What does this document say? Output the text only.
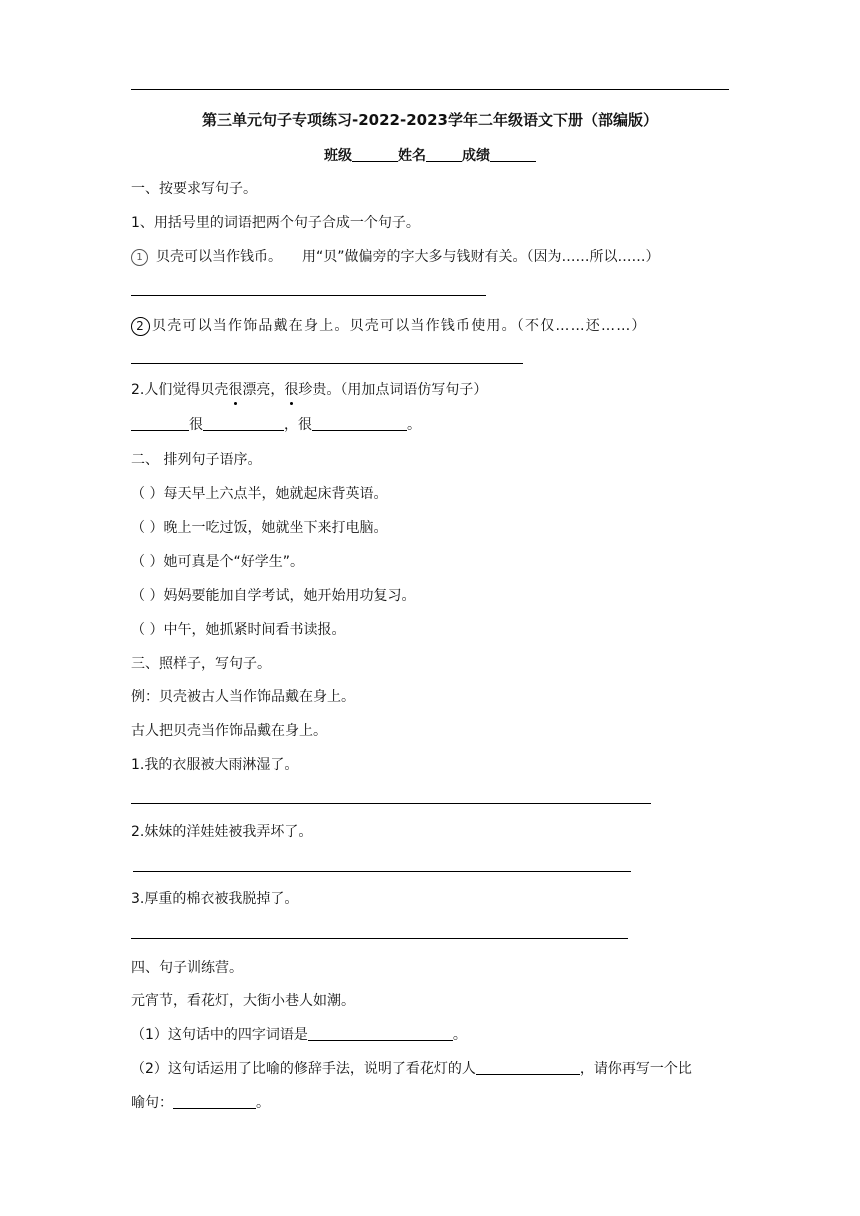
第三单元句子专项练习-2022-2023学年二年级语文下册（部编版）
班级	姓名	成绩
一、按要求写句子。
1、用括号里的词语把两个句子合成一个句子。
1 贝壳可以当作钱币。 用“贝”做偏旁的字大多与钱财有关。（因为……所以……）
2 贝壳可以当作饰品戴在身上。贝壳可以当作钱币使用。（不仅……还……）
2.人们觉得贝壳很漂亮，很珍贵。（用加点词语仿写句子）
很	，很	。
二、 排列句子语序。
（ ）每天早上六点半，她就起床背英语。
（ ）晚上一吃过饭，她就坐下来打电脑。
（ ）她可真是个“好学生”。
（ ）妈妈要能加自学考试，她开始用功复习。
（ ）中午，她抓紧时间看书读报。
三、照样子，写句子。
例：贝壳被古人当作饰品戴在身上。
古人把贝壳当作饰品戴在身上。
1.我的衣服被大雨淋湿了。
2.妹妹的洋娃娃被我弄坏了。
3.厚重的棉衣被我脱掉了。
四、句子训练营。
元宵节，看花灯，大街小巷人如潮。
（1）这句话中的四字词语是	。
（2）这句话运用了比喻的修辞手法，说明了看花灯的人	，请你再写一个比
喻句：	。
